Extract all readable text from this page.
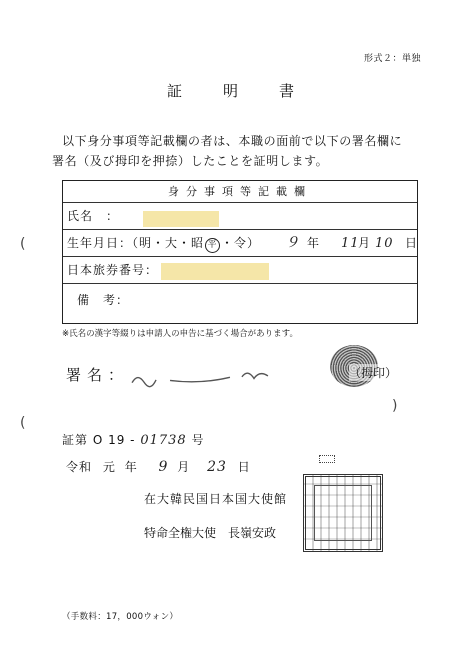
形式２：単独
証　明　書

以下身分事項等記載欄の者は、本職の面前で以下の署名欄に

署名（及び拇印を押捺）したことを証明します。

身分事項等記載欄
氏名　：
生年月日：（明・大・昭 平 ・令） ９ 年 11
月 10 日
日本旅券番号：
備　考：
※氏名の漢字等綴りは申請人の申告に基づく場合があります。
署名：	（拇印）
証第 O 19 - 01738 号
令和 元 年 9 月 23 日
在大韓民国日本国大使館
特命全権大使　長嶺安政
（手数料：17，000ウォン）
(
(
)
